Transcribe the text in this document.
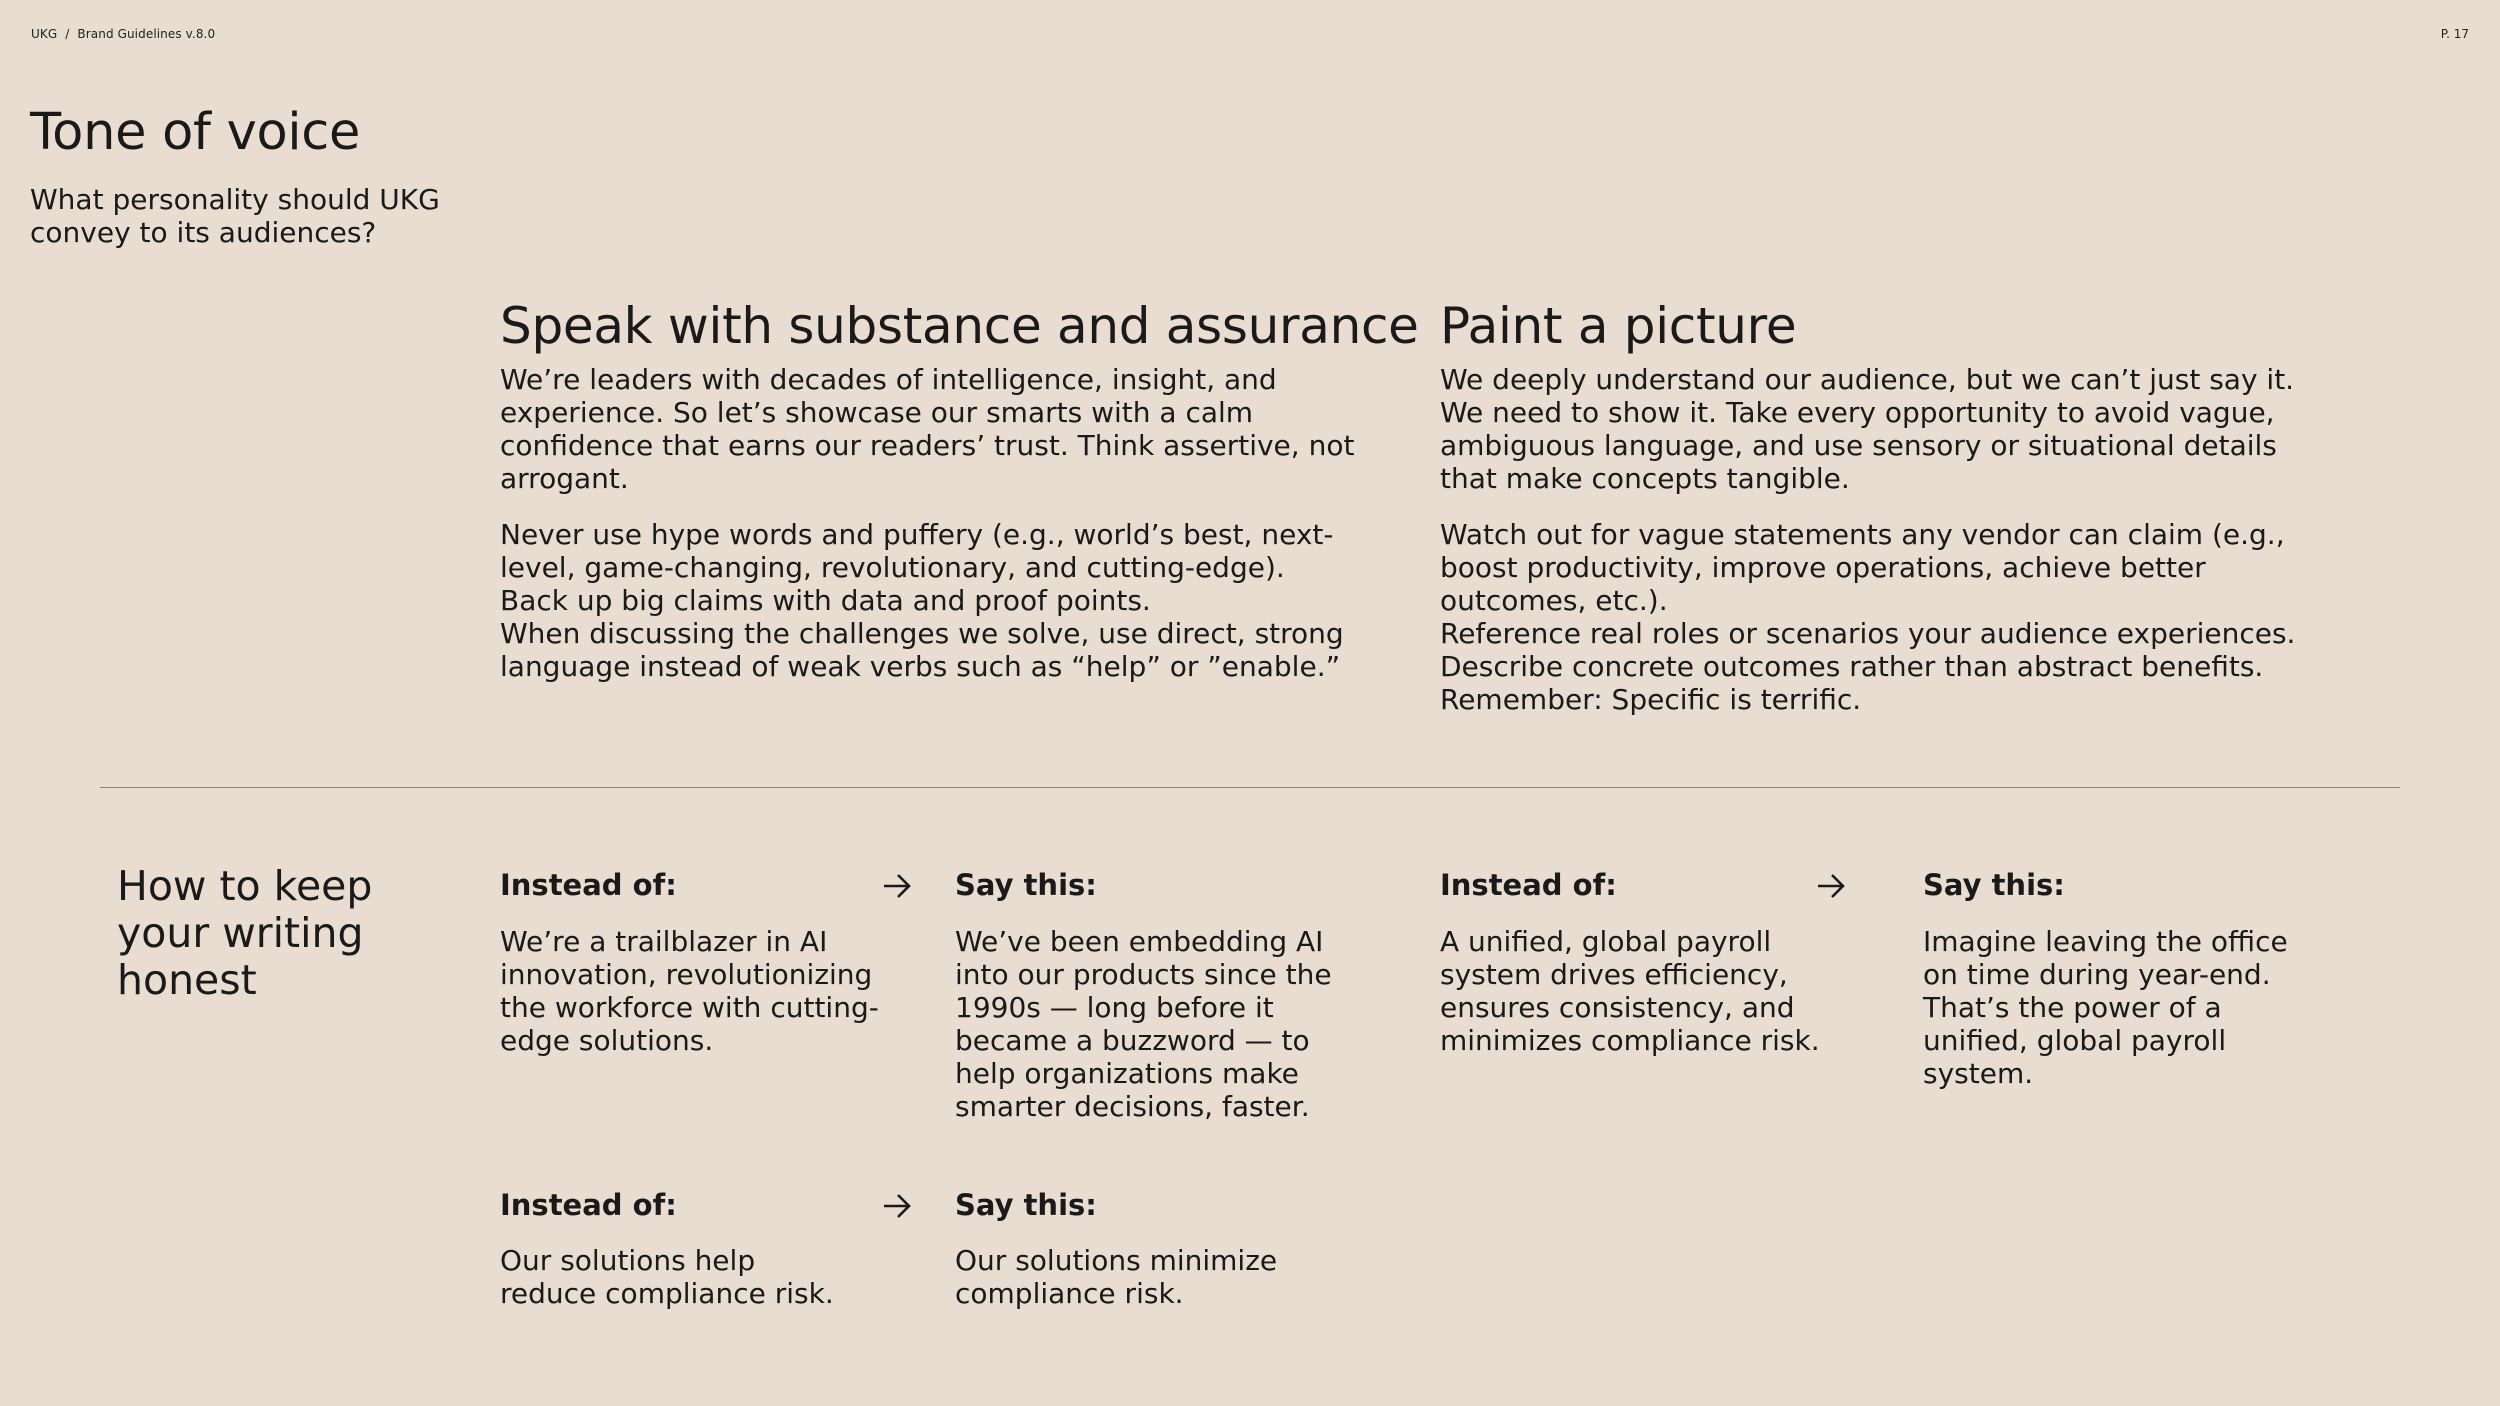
UKG / Brand Guidelines v.8.0	P. 17
Tone of voice

What personality should UKG convey to its audiences?

Speak with substance and assurance

We’re leaders with decades of intelligence, insight, and experience. So let’s showcase our smarts with a calm confidence that earns our readers’ trust. Think assertive, not arrogant.

Never use hype words and puffery (e.g., world’s best, next-level, game-changing, revolutionary, and cutting-edge).

Back up big claims with data and proof points.

When discussing the challenges we solve, use direct, strong language instead of weak verbs such as “help” or ”enable.”

Paint a picture

We deeply understand our audience, but we can’t just say it. We need to show it. Take every opportunity to avoid vague, ambiguous language, and use sensory or situational details that make concepts tangible.

Watch out for vague statements any vendor can claim (e.g., boost productivity, improve operations, achieve better outcomes, etc.).

Reference real roles or scenarios your audience experiences.

Describe concrete outcomes rather than abstract benefits.

Remember: Specific is terrific.

How to keep your writing honest
Instead of:
We’re a trailblazer in AI innovation, revolutionizing the workforce with cutting-edge solutions.
Say this:
We’ve been embedding AI into our products since the 1990s — long before it became a buzzword — to help organizations make smarter decisions, faster.
Instead of:
A unified, global payroll system drives efficiency, ensures consistency, and minimizes compliance risk.
Say this:
Imagine leaving the office on time during year-end. That’s the power of a unified, global payroll system.
Instead of:
Our solutions help reduce compliance risk.
Say this:
Our solutions minimize compliance risk.
